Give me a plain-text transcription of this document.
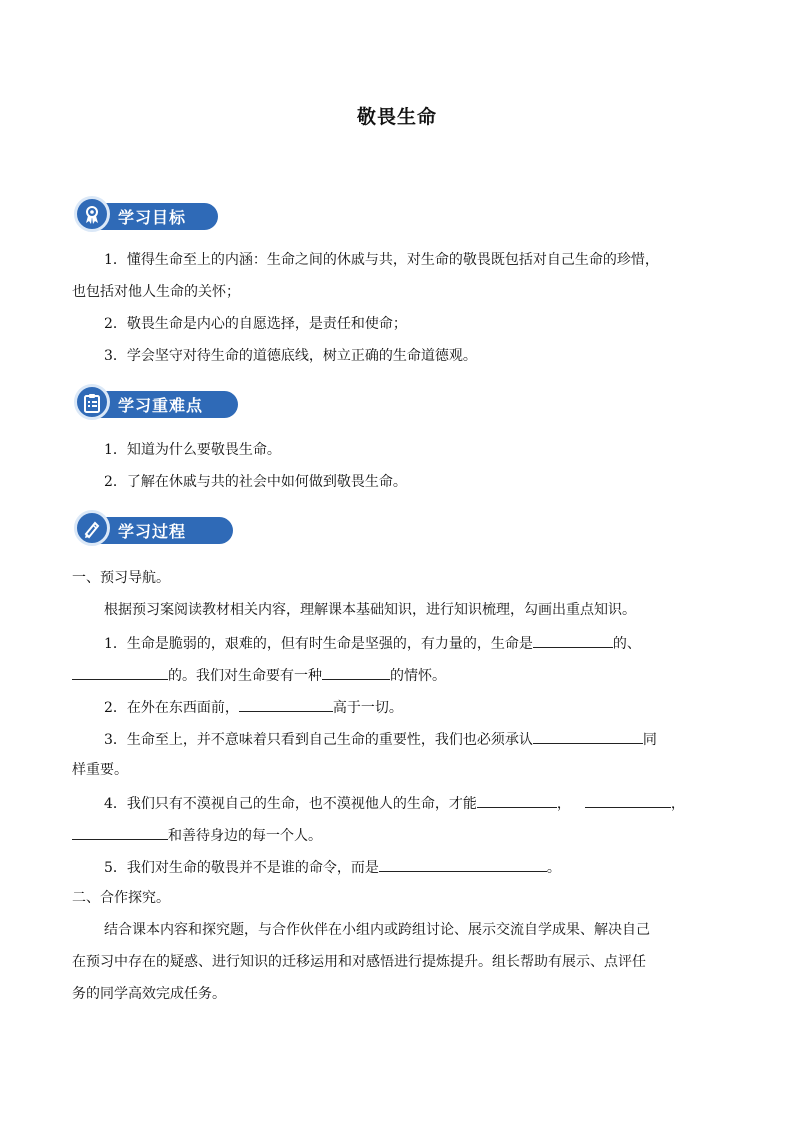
敬畏生命
学习目标
1．懂得生命至上的内涵：生命之间的休戚与共，对生命的敬畏既包括对自己生命的珍惜，
也包括对他人生命的关怀；
2．敬畏生命是内心的自愿选择，是责任和使命；
3．学会坚守对待生命的道德底线，树立正确的生命道德观。
学习重难点
1．知道为什么要敬畏生命。
2．了解在休戚与共的社会中如何做到敬畏生命。
学习过程
一、预习导航。
根据预习案阅读教材相关内容，理解课本基础知识，进行知识梳理，勾画出重点知识。
1．生命是脆弱的，艰难的，但有时生命是坚强的，有力量的，生命是	的、
的。我们对生命要有一种	的情怀。
2．在外在东西面前，	高于一切。
3．生命至上，并不意味着只看到自己生命的重要性，我们也必须承认	同
样重要。
4．我们只有不漠视自己的生命，也不漠视他人的生命，才能	，	，
和善待身边的每一个人。
5．我们对生命的敬畏并不是谁的命令，而是	。
二、合作探究。
结合课本内容和探究题，与合作伙伴在小组内或跨组讨论、展示交流自学成果、解决自己
在预习中存在的疑惑、进行知识的迁移运用和对感悟进行提炼提升。组长帮助有展示、点评任
务的同学高效完成任务。
